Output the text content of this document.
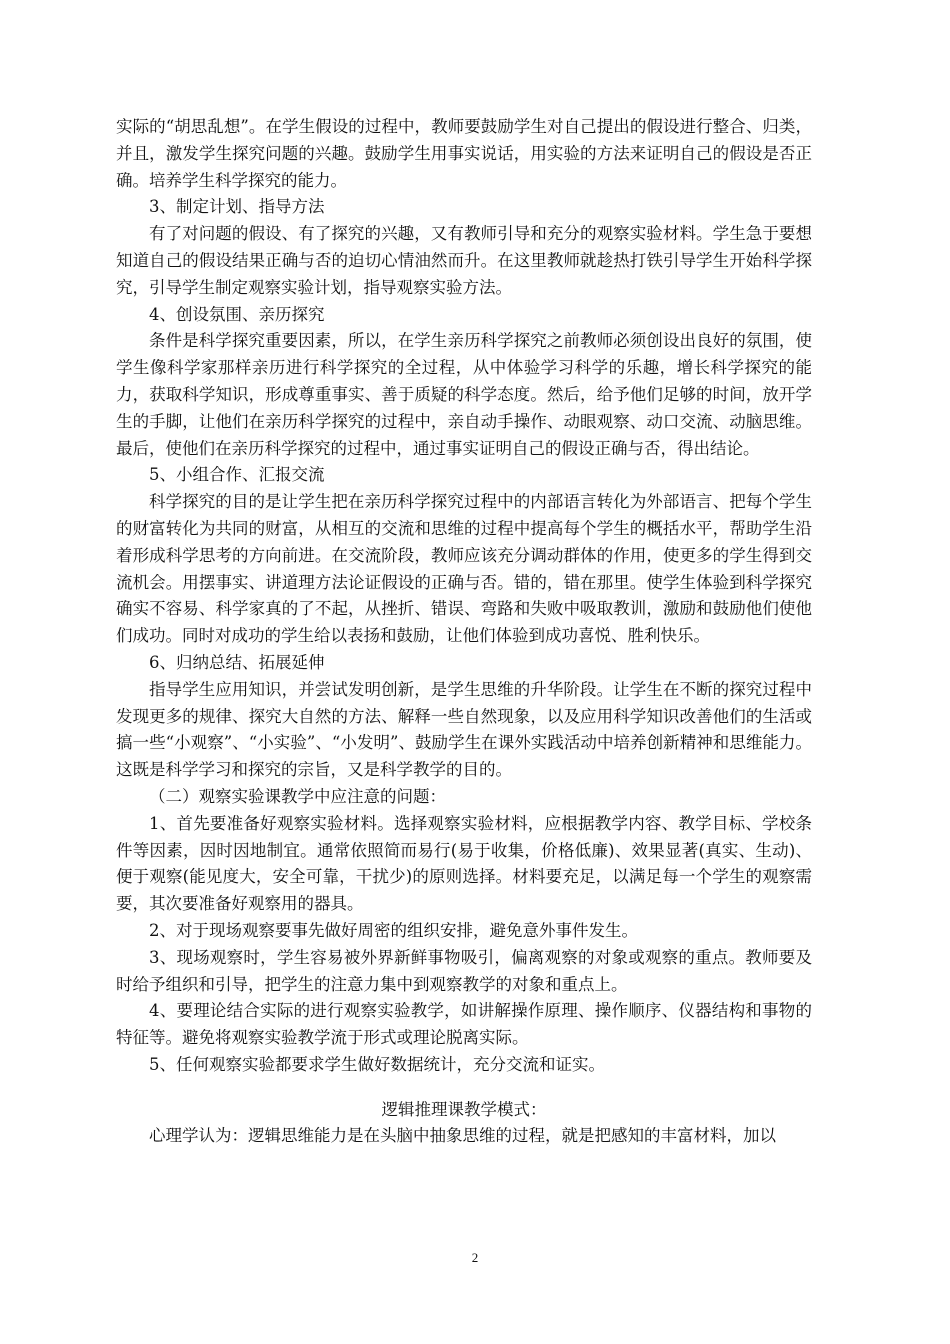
实际的“胡思乱想”。在学生假设的过程中，教师要鼓励学生对自己提出的假设进行整合、归类，并且，激发学生探究问题的兴趣。鼓励学生用事实说话，用实验的方法来证明自己的假设是否正确。培养学生科学探究的能力。

3、制定计划、指导方法

有了对问题的假设、有了探究的兴趣，又有教师引导和充分的观察实验材料。学生急于要想知道自己的假设结果正确与否的迫切心情油然而升。在这里教师就趁热打铁引导学生开始科学探究，引导学生制定观察实验计划，指导观察实验方法。

4、创设氛围、亲历探究

条件是科学探究重要因素，所以，在学生亲历科学探究之前教师必须创设出良好的氛围，使学生像科学家那样亲历进行科学探究的全过程，从中体验学习科学的乐趣，增长科学探究的能力，获取科学知识，形成尊重事实、善于质疑的科学态度。然后，给予他们足够的时间，放开学生的手脚，让他们在亲历科学探究的过程中，亲自动手操作、动眼观察、动口交流、动脑思维。最后，使他们在亲历科学探究的过程中，通过事实证明自己的假设正确与否，得出结论。

5、小组合作、汇报交流

科学探究的目的是让学生把在亲历科学探究过程中的内部语言转化为外部语言、把每个学生的财富转化为共同的财富，从相互的交流和思维的过程中提高每个学生的概括水平，帮助学生沿着形成科学思考的方向前进。在交流阶段，教师应该充分调动群体的作用，使更多的学生得到交流机会。用摆事实、讲道理方法论证假设的正确与否。错的，错在那里。使学生体验到科学探究确实不容易、科学家真的了不起，从挫折、错误、弯路和失败中吸取教训，激励和鼓励他们使他们成功。同时对成功的学生给以表扬和鼓励，让他们体验到成功喜悦、胜利快乐。

6、归纳总结、拓展延伸

指导学生应用知识，并尝试发明创新，是学生思维的升华阶段。让学生在不断的探究过程中发现更多的规律、探究大自然的方法、解释一些自然现象，以及应用科学知识改善他们的生活或搞一些“小观察”、“小实验”、“小发明”、鼓励学生在课外实践活动中培养创新精神和思维能力。这既是科学学习和探究的宗旨，又是科学教学的目的。

（二）观察实验课教学中应注意的问题：

1、首先要准备好观察实验材料。选择观察实验材料，应根据教学内容、教学目标、学校条件等因素，因时因地制宜。通常依照简而易行(易于收集，价格低廉)、效果显著(真实、生动)、便于观察(能见度大，安全可靠，干扰少)的原则选择。材料要充足，以满足每一个学生的观察需要，其次要准备好观察用的器具。

2、对于现场观察要事先做好周密的组织安排，避免意外事件发生。

3、现场观察时，学生容易被外界新鲜事物吸引，偏离观察的对象或观察的重点。教师要及时给予组织和引导，把学生的注意力集中到观察教学的对象和重点上。

4、要理论结合实际的进行观察实验教学，如讲解操作原理、操作顺序、仪器结构和事物的特征等。避免将观察实验教学流于形式或理论脱离实际。

5、任何观察实验都要求学生做好数据统计，充分交流和证实。

逻辑推理课教学模式：

心理学认为：逻辑思维能力是在头脑中抽象思维的过程，就是把感知的丰富材料，加以

2
